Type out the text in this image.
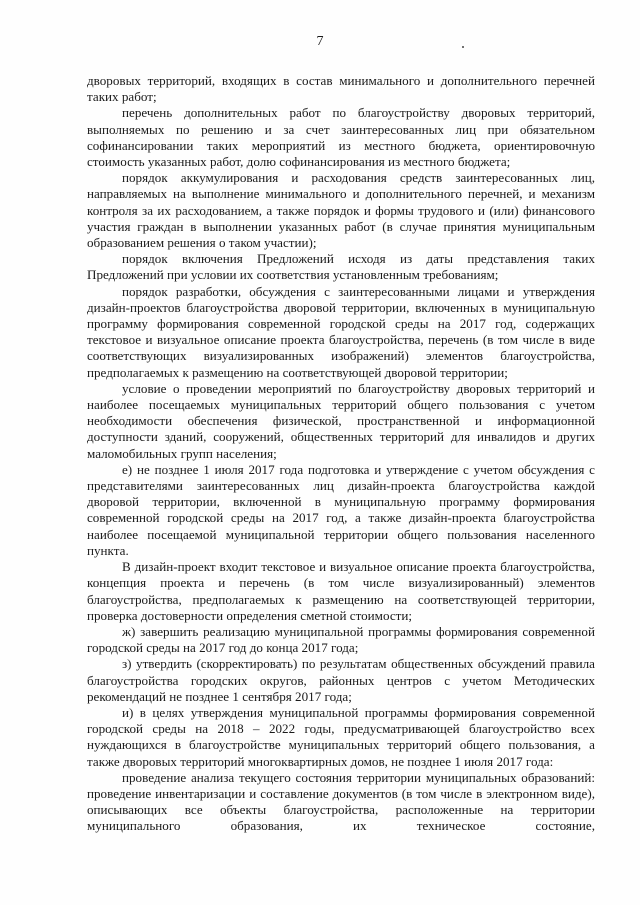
7

дворовых территорий, входящих в состав минимального и дополнительного перечней таких работ;

перечень дополнительных работ по благоустройству дворовых территорий, выполняемых по решению и за счет заинтересованных лиц при обязательном софинансировании таких мероприятий из местного бюджета, ориентировочную стоимость указанных работ, долю софинансирования из местного бюджета;

порядок аккумулирования и расходования средств заинтересованных лиц, направляемых на выполнение минимального и дополнительного перечней, и механизм контроля за их расходованием, а также порядок и формы трудового и (или) финансового участия граждан в выполнении указанных работ (в случае принятия муниципальным образованием решения о таком участии);

порядок включения Предложений исходя из даты представления таких Предложений при условии их соответствия установленным требованиям;

порядок разработки, обсуждения с заинтересованными лицами и утверждения дизайн-проектов благоустройства дворовой территории, включенных в муниципальную программу формирования современной городской среды на 2017 год, содержащих текстовое и визуальное описание проекта благоустройства, перечень (в том числе в виде соответствующих визуализированных изображений) элементов благоустройства, предполагаемых к размещению на соответствующей дворовой территории;

условие о проведении мероприятий по благоустройству дворовых территорий и наиболее посещаемых муниципальных территорий общего пользования с учетом необходимости обеспечения физической, пространственной и информационной доступности зданий, сооружений, общественных территорий для инвалидов и других маломобильных групп населения;

е) не позднее 1 июля 2017 года подготовка и утверждение с учетом обсуждения с представителями заинтересованных лиц дизайн-проекта благоустройства каждой дворовой территории, включенной в муниципальную программу формирования современной городской среды на 2017 год, а также дизайн-проекта благоустройства наиболее посещаемой муниципальной территории общего пользования населенного пункта.

В дизайн-проект входит текстовое и визуальное описание проекта благоустройства, концепция проекта и перечень (в том числе визуализированный) элементов благоустройства, предполагаемых к размещению на соответствующей территории, проверка достоверности определения сметной стоимости;

ж) завершить реализацию муниципальной программы формирования современной городской среды на 2017 год до конца 2017 года;

з) утвердить (скорректировать) по результатам общественных обсуждений правила благоустройства городских округов, районных центров с учетом Методических рекомендаций не позднее 1 сентября 2017 года;

и) в целях утверждения муниципальной программы формирования современной городской среды на 2018 – 2022 годы, предусматривающей благоустройство всех нуждающихся в благоустройстве муниципальных территорий общего пользования, а также дворовых территорий многоквартирных домов, не позднее 1 июля 2017 года:

проведение анализа текущего состояния территории муниципальных образований: проведение инвентаризации и составление документов (в том числе в электронном виде), описывающих все объекты благоустройства, расположенные на территории муниципального образования, их техническое состояние,
